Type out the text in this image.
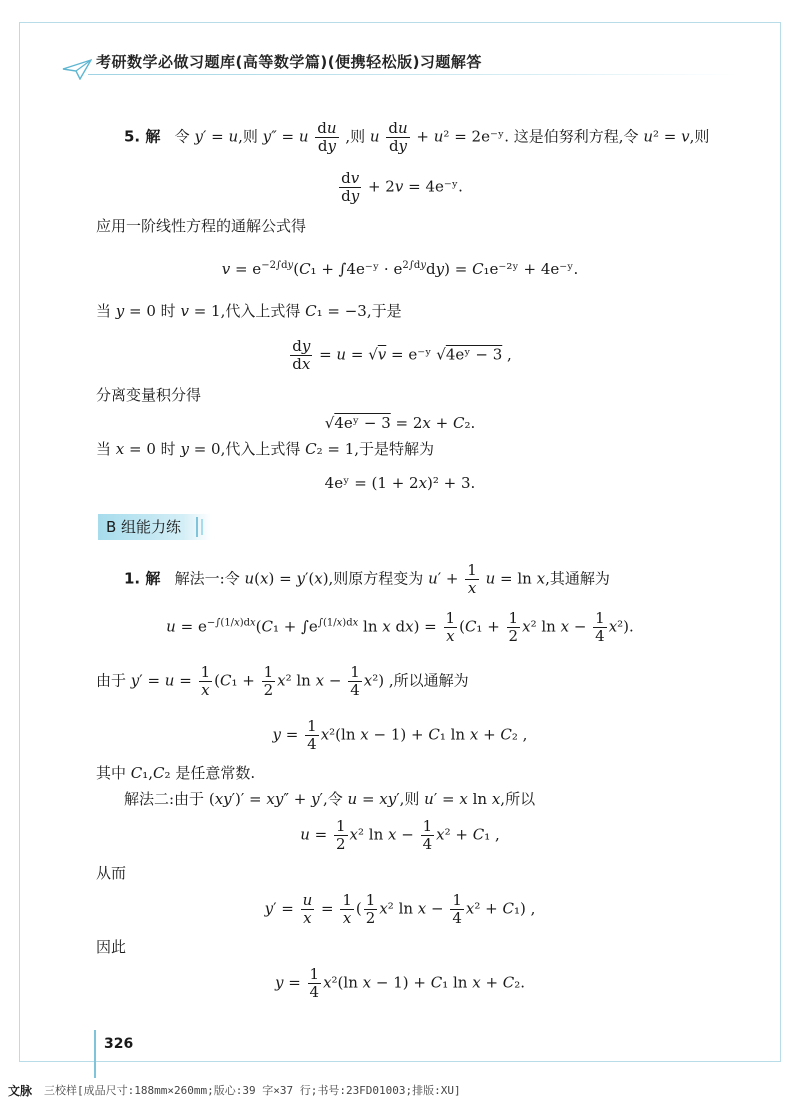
考研数学必做习题库(高等数学篇)(便携轻松版)习题解答
5. 解   令 y′ = u,则 y″ = u $\frac{du}{dy}$ ,则 u $\frac{du}{dy} + u^2$ = 2e⁻ʸ. 这是伯努利方程,令 u² = v,则
$\frac{dv}{dy} + 2v$ = 4e⁻ʸ.
应用一阶线性方程的通解公式得
$v = e^{-2\int dy}(C_1$ + ∫4e⁻ʸ · $e^{2\int dy}dy$) = C₁e⁻²ʸ + 4e⁻ʸ.
当 y = 0 时 v = 1,代入上式得 C₁ = −3,于是
$\frac{dy}{dx} = u = √v$ = e⁻ʸ √4eʸ − 3 ,
分离变量积分得
√4eʸ − 3 = 2x + C₂.
当 x = 0 时 y = 0,代入上式得 C₂ = 1,于是特解为
4eʸ = (1 + 2x)² + 3.
B 组能力练
1. 解   解法一:令 u(x) = y′(x),则原方程变为 $u' + \frac{1}{x}$ u = ln x,其通解为
$u = e^{-\int(1/x)dx}(C_1 + \int e^{\int(1/x)dx}$ ln x $dx) = \frac{1}{x} (C_1 + \frac{1}{2} x^2$ $\ln x - \frac{1}{4} x^2$).
由于 $y' = u = \frac{1}{x} (C_1 + \frac{1}{2} x^2$ $\ln x - \frac{1}{4} x^2$) ,所以通解为
$y = \frac{1}{4} x^2(\ln$ x − 1) + C₁ ln x + C₂ ,
其中 C₁,C₂ 是任意常数.
解法二:由于 (xy′)′ = xy″ + y′,令 u = xy′,则 u′ = x ln x,所以
$u = \frac{1}{2} x^2$ $\ln x - \frac{1}{4} x^2 + C_1$ ,
从而
$y' = \frac{u}{x} = \frac{1}{x}$ ( $\frac{1}{2} x^2$ $\ln x - \frac{1}{4} x^2 + C_1$) ,
因此
$y = \frac{1}{4} x^2(\ln$ x − 1) + C₁ ln x + C₂.
326
文脉 三校样[成品尺寸:188mm×260mm;版心:39 字×37 行;书号:23FD01003;排版:XU]
